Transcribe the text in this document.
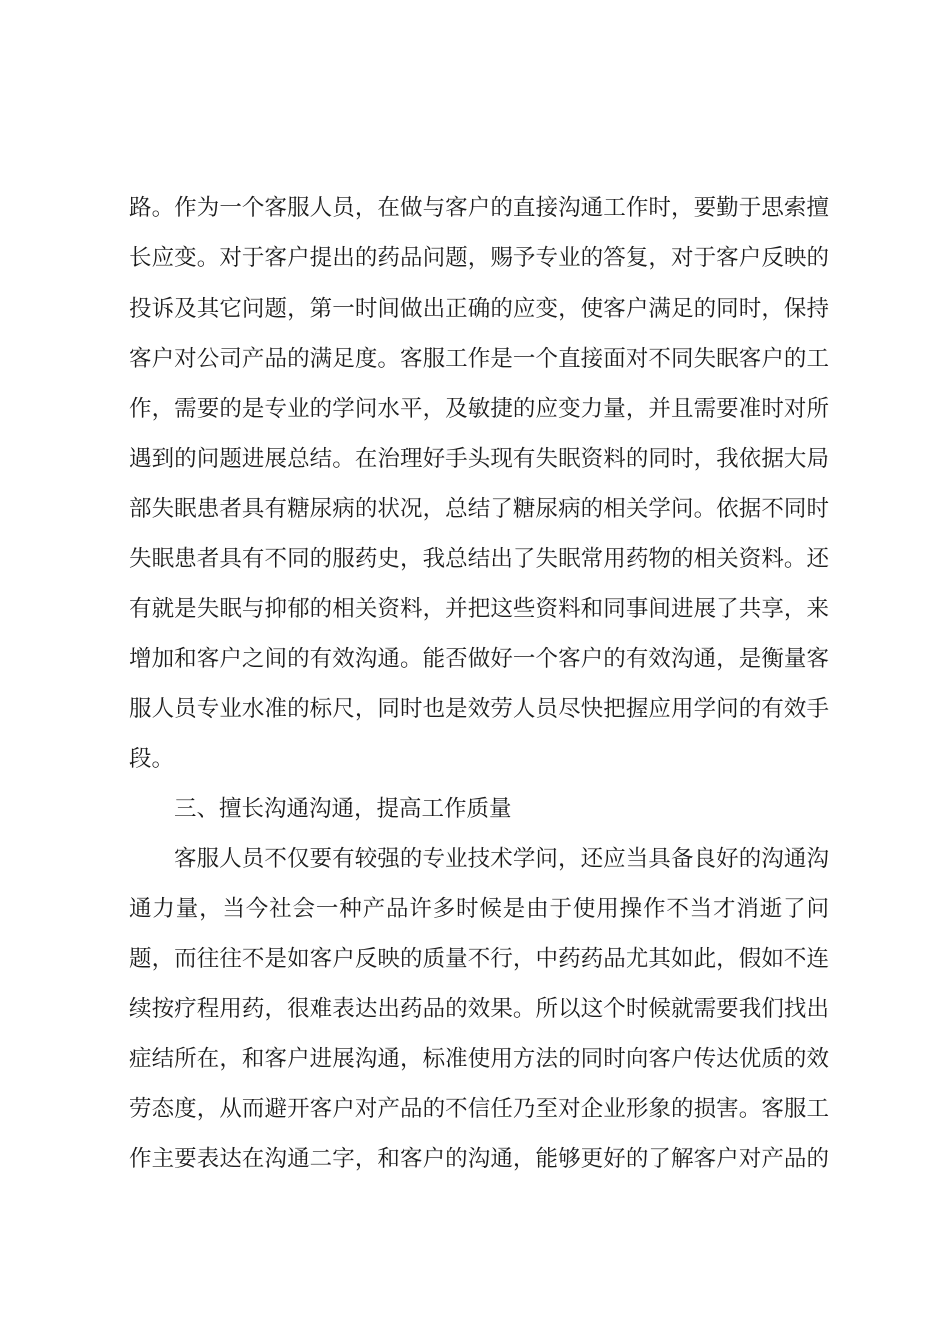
路。作为一个客服人员，在做与客户的直接沟通工作时，要勤于思索擅
长应变。对于客户提出的药品问题，赐予专业的答复，对于客户反映的
投诉及其它问题，第一时间做出正确的应变，使客户满足的同时，保持
客户对公司产品的满足度。客服工作是一个直接面对不同失眠客户的工
作，需要的是专业的学问水平，及敏捷的应变力量，并且需要准时对所
遇到的问题进展总结。在治理好手头现有失眠资料的同时，我依据大局
部失眠患者具有糖尿病的状况，总结了糖尿病的相关学问。依据不同时
失眠患者具有不同的服药史，我总结出了失眠常用药物的相关资料。还
有就是失眠与抑郁的相关资料，并把这些资料和同事间进展了共享，来
增加和客户之间的有效沟通。能否做好一个客户的有效沟通，是衡量客
服人员专业水准的标尺，同时也是效劳人员尽快把握应用学问的有效手
段。
三、擅长沟通沟通，提高工作质量
客服人员不仅要有较强的专业技术学问，还应当具备良好的沟通沟
通力量，当今社会一种产品许多时候是由于使用操作不当才消逝了问
题，而往往不是如客户反映的质量不行，中药药品尤其如此，假如不连
续按疗程用药，很难表达出药品的效果。所以这个时候就需要我们找出
症结所在，和客户进展沟通，标准使用方法的同时向客户传达优质的效
劳态度，从而避开客户对产品的不信任乃至对企业形象的损害。客服工
作主要表达在沟通二字，和客户的沟通，能够更好的了解客户对产品的
